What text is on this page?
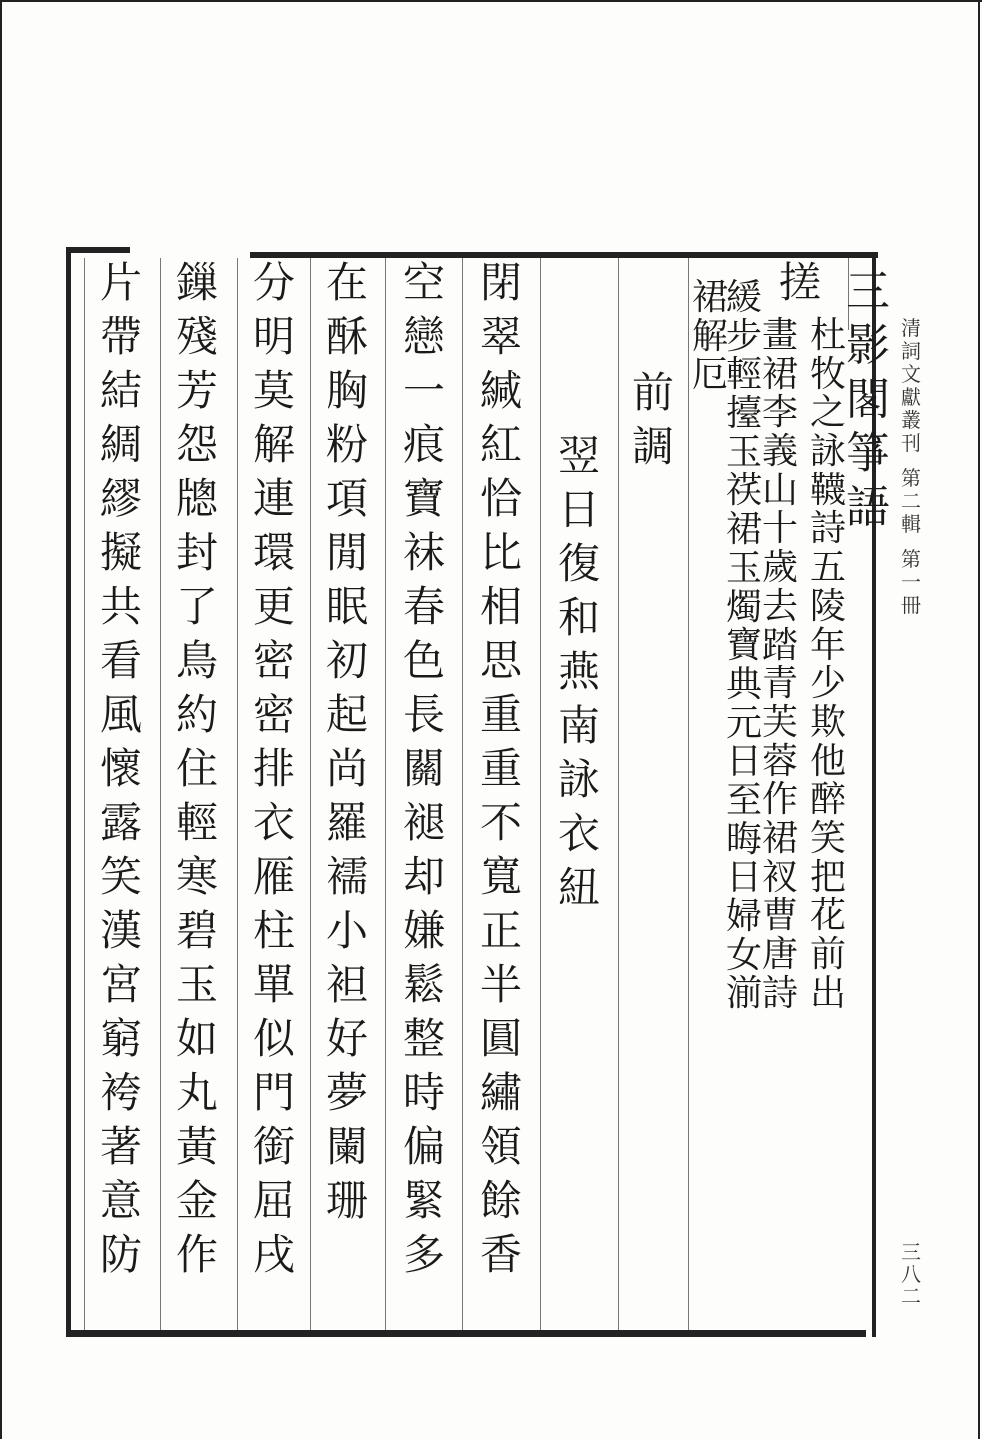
三
影
閣
箏
語
搓
杜
牧
之
詠
韈
詩
五
陵
年
少
欺
他
醉
笑
把
花
前
出
畫
裙
李
義
山
十
歲
去
踏
青
芙
蓉
作
裙
衩
曹
唐
詩
緩
步
輕
擡
玉
䄏
裙
玉
燭
寶
典
元
日
至
晦
日
婦
女
湔
裙
解
厄
前
調
翌
日
復
和
燕
南
詠
衣
紐
閉
翠
緘
紅
恰
比
相
思
重
重
不
寬
正
半
圓
繡
領
餘
香
空
戀
一
痕
寶
袜
春
色
長
關
褪
却
嫌
鬆
整
時
偏
緊
多
在
酥
胸
粉
項
閒
眠
初
起
尚
羅
襦
小
袒
好
夢
闌
珊
分
明
莫
解
連
環
更
密
密
排
衣
雁
柱
單
似
門
銜
屈
戌
鏁
殘
芳
怨
牕
封
了
鳥
約
住
輕
寒
碧
玉
如
丸
黃
金
作
片
帶
結
綢
繆
擬
共
看
風
懷
露
笑
漢
宮
窮
袴
著
意
防
清
詞
文
獻
叢
刊
第
二
輯
第
一
冊
三
八
二
